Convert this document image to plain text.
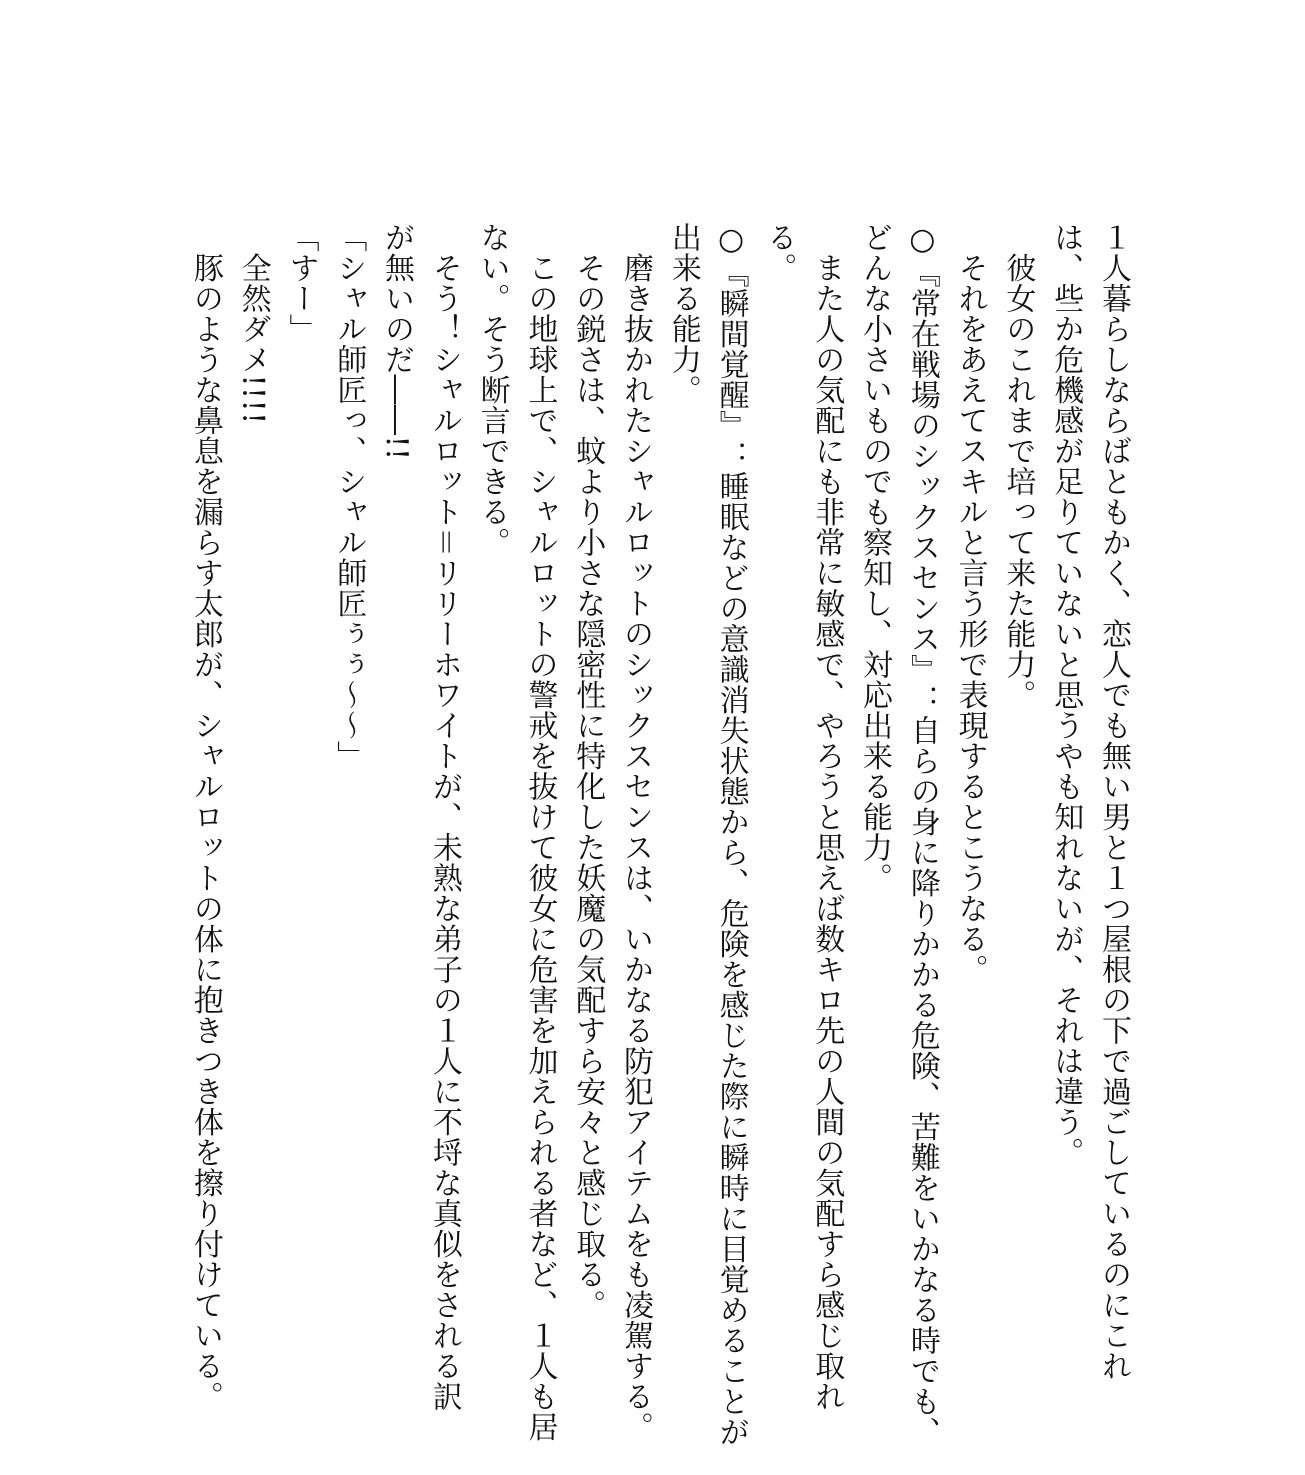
１人暮らしならばともかく、恋人でも無い男と１つ屋根の下で過ごしているのにこれ

は、些か危機感が足りていないと思うやも知れないが、それは違う。

　彼女のこれまで培って来た能力。

　それをあえてスキルと言う形で表現するとこうなる。

○『常在戦場のシックスセンス』：自らの身に降りかかる危険、苦難をいかなる時でも、

どんな小さいものでも察知し、対応出来る能力。

　また人の気配にも非常に敏感で、やろうと思えば数キロ先の人間の気配すら感じ取れ

る。

○『瞬間覚醒』：睡眠などの意識消失状態から、危険を感じた際に瞬時に目覚めることが

出来る能力。

　磨き抜かれたシャルロットのシックスセンスは、いかなる防犯アイテムをも凌駕する。

　その鋭さは、蚊より小さな隠密性に特化した妖魔の気配すら安々と感じ取る。

　この地球上で、シャルロットの警戒を抜けて彼女に危害を加えられる者など、１人も居

ない。そう断言できる。

　そう！シャルロット＝リリーホワイトが、未熟な弟子の１人に不埒な真似をされる訳

が無いのだ――!!

「シャル師匠っ、シャル師匠ぅぅ～～」

「すー」

　全然ダメ!!!!

　豚のような鼻息を漏らす太郎が、シャルロットの体に抱きつき体を擦り付けている。
